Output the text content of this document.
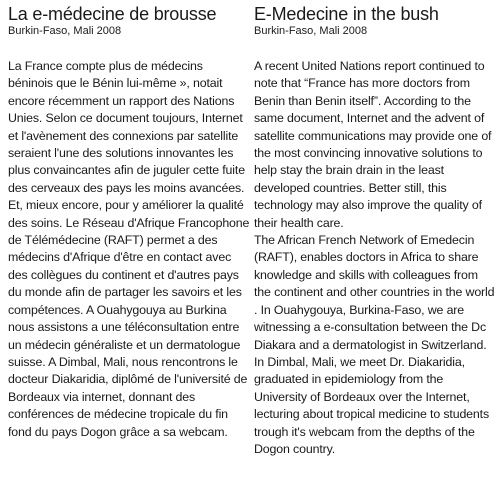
La e-médecine de brousse

Burkin-Faso, Mali 2008

La France compte plus de médecins béninois que le Bénin lui-même », notait encore récemment un rapport des Nations Unies. Selon ce document toujours, Internet et l'avènement des connexions par satellite seraient l'une des solutions innovantes les plus convaincantes afin de juguler cette fuite des cerveaux des pays les moins avancées. Et, mieux encore, pour y améliorer la qualité des soins. Le Réseau d'Afrique Francophone de Télémédecine (RAFT) permet a des médecins d'Afrique d'être en contact avec des collègues du continent et d'autres pays du monde afin de partager les savoirs et les compétences. A Ouahygouya au Burkina nous assistons a une téléconsultation entre un médecin généraliste et un dermatologue suisse. A Dimbal, Mali, nous rencontrons le docteur Diakaridia, diplômé de l'université de Bordeaux via internet, donnant des conférences de médecine tropicale du fin fond du pays Dogon grâce a sa webcam.

E-Medecine in the bush

Burkin-Faso, Mali 2008

A recent United Nations report continued to note that “France has more doctors from Benin than Benin itself”. According to the same document, Internet and the advent of satellite communications may provide one of the most convincing innovative solutions to help stay the brain drain in the least developed countries. Better still, this technology may also improve the quality of their health care.
The African French Network of Emedecin (RAFT), enables doctors in Africa to share knowledge and skills with colleagues from the continent and other countries in the world . In Ouahygouya, Burkina-Faso, we are witnessing a e-consultation between the Dc Diakara and a dermatologist in Switzerland. In Dimbal, Mali, we meet Dr. Diakaridia, graduated in epidemiology from the University of Bordeaux over the Internet, lecturing about tropical medicine to students trough it's webcam from the depths of the Dogon country.
